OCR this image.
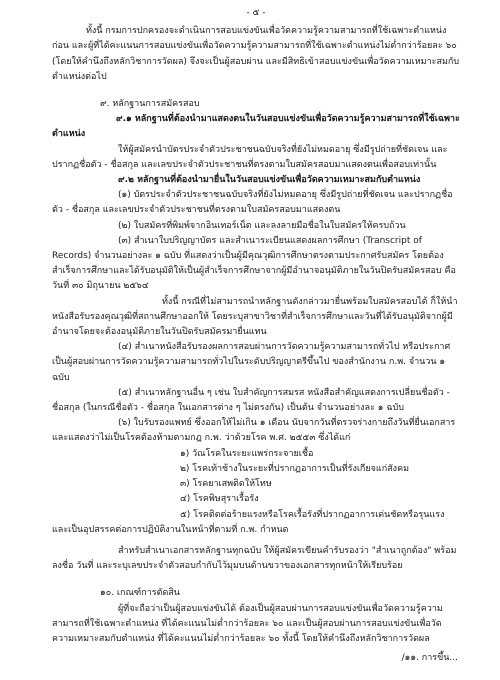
- ๕ -

ทั้งนี้ กรมการปกครองจะดำเนินการสอบแข่งขันเพื่อวัดความรู้ความสามารถที่ใช้เฉพาะตำแหน่งก่อน และผู้ที่ได้คะแนนการสอบแข่งขันเพื่อวัดความรู้ความสามารถที่ใช้เฉพาะตำแหน่งไม่ต่ำกว่าร้อยละ ๖๐ (โดยให้คำนึงถึงหลักวิชาการวัดผล) จึงจะเป็นผู้สอบผ่าน และมีสิทธิเข้าสอบแข่งขันเพื่อวัดความเหมาะสมกับตำแหน่งต่อไป

๙. หลักฐานการสมัครสอบ

๙.๑ หลักฐานที่ต้องนำมาแสดงตนในวันสอบแข่งขันเพื่อวัดความรู้ความสามารถที่ใช้เฉพาะตำแหน่ง

ให้ผู้สมัครนำบัตรประจำตัวประชาชนฉบับจริงที่ยังไม่หมดอายุ ซึ่งมีรูปถ่ายที่ชัดเจน และปรากฏชื่อตัว - ชื่อสกุล และเลขประจำตัวประชาชนที่ตรงตามใบสมัครสอบมาแสดงตนเพื่อสอบเท่านั้น

๙.๒ หลักฐานที่ต้องนำมายื่นในวันสอบแข่งขันเพื่อวัดความเหมาะสมกับตำแหน่ง

(๑) บัตรประจำตัวประชาชนฉบับจริงที่ยังไม่หมดอายุ ซึ่งมีรูปถ่ายที่ชัดเจน และปรากฏชื่อตัว - ชื่อสกุล และเลขประจำตัวประชาชนที่ตรงตามใบสมัครสอบมาแสดงตน

(๒) ใบสมัครที่พิมพ์จากอินเทอร์เน็ต และลงลายมือชื่อในใบสมัครให้ครบถ้วน

(๓) สำเนาใบปริญญาบัตร และสำเนาระเบียนแสดงผลการศึกษา (Transcript of Records) จำนวนอย่างละ ๑ ฉบับ ที่แสดงว่าเป็นผู้มีคุณวุฒิการศึกษาตรงตามประกาศรับสมัคร โดยต้องสำเร็จการศึกษาและได้รับอนุมัติให้เป็นผู้สำเร็จการศึกษาจากผู้มีอำนาจอนุมัติภายในวันปิดรับสมัครสอบ คือ วันที่ ๓๐ มิถุนายน ๒๕๖๔

ทั้งนี้ กรณีที่ไม่สามารถนำหลักฐานดังกล่าวมายื่นพร้อมใบสมัครสอบได้ ก็ให้นำหนังสือรับรองคุณวุฒิที่สถานศึกษาออกให้ โดยระบุสาขาวิชาที่สำเร็จการศึกษาและวันที่ได้รับอนุมัติจากผู้มีอำนาจโดยจะต้องอนุมัติภายในวันปิดรับสมัครมายื่นแทน

(๔) สำเนาหนังสือรับรองผลการสอบผ่านการวัดความรู้ความสามารถทั่วไป หรือประกาศเป็นผู้สอบผ่านการวัดความรู้ความสามารถทั่วไปในระดับปริญญาตรีขึ้นไป ของสำนักงาน ก.พ. จำนวน ๑ ฉบับ

(๕) สำเนาหลักฐานอื่น ๆ เช่น ใบสำคัญการสมรส หนังสือสำคัญแสดงการเปลี่ยนชื่อตัว - ชื่อสกุล (ในกรณีชื่อตัว - ชื่อสกุล ในเอกสารต่าง ๆ ไม่ตรงกัน) เป็นต้น จำนวนอย่างละ ๑ ฉบับ

(๖) ใบรับรองแพทย์ ซึ่งออกให้ไม่เกิน ๑ เดือน นับจากวันที่ตรวจร่างกายถึงวันที่ยื่นเอกสาร และแสดงว่าไม่เป็นโรคต้องห้ามตามกฎ ก.พ. ว่าด้วยโรค พ.ศ. ๒๕๕๓ ซึ่งได้แก่

๑) วัณโรคในระยะแพร่กระจายเชื้อ

๒) โรคเท้าช้างในระยะที่ปรากฏอาการเป็นที่รังเกียจแก่สังคม

๓) โรคยาเสพติดให้โทษ

๔) โรคพิษสุราเรื้อรัง

๕) โรคติดต่อร้ายแรงหรือโรคเรื้อรังที่ปรากฏอาการเด่นชัดหรือรุนแรงและเป็นอุปสรรคต่อการปฏิบัติงานในหน้าที่ตามที่ ก.พ. กำหนด

สำหรับสำเนาเอกสารหลักฐานทุกฉบับ ให้ผู้สมัครเขียนคำรับรองว่า "สำเนาถูกต้อง" พร้อมลงชื่อ วันที่ และระบุเลขประจำตัวสอบกำกับไว้มุมบนด้านขวาของเอกสารทุกหน้าให้เรียบร้อย

๑๐. เกณฑ์การตัดสิน

ผู้ที่จะถือว่าเป็นผู้สอบแข่งขันได้ ต้องเป็นผู้สอบผ่านการสอบแข่งขันเพื่อวัดความรู้ความสามารถที่ใช้เฉพาะตำแหน่ง ที่ได้คะแนนไม่ต่ำกว่าร้อยละ ๖๐ และเป็นผู้สอบผ่านการสอบแข่งขันเพื่อวัดความเหมาะสมกับตำแหน่ง ที่ได้คะแนนไม่ต่ำกว่าร้อยละ ๖๐ ทั้งนี้ โดยให้คำนึงถึงหลักวิชาการวัดผล

/๑๑. การขึ้น...
